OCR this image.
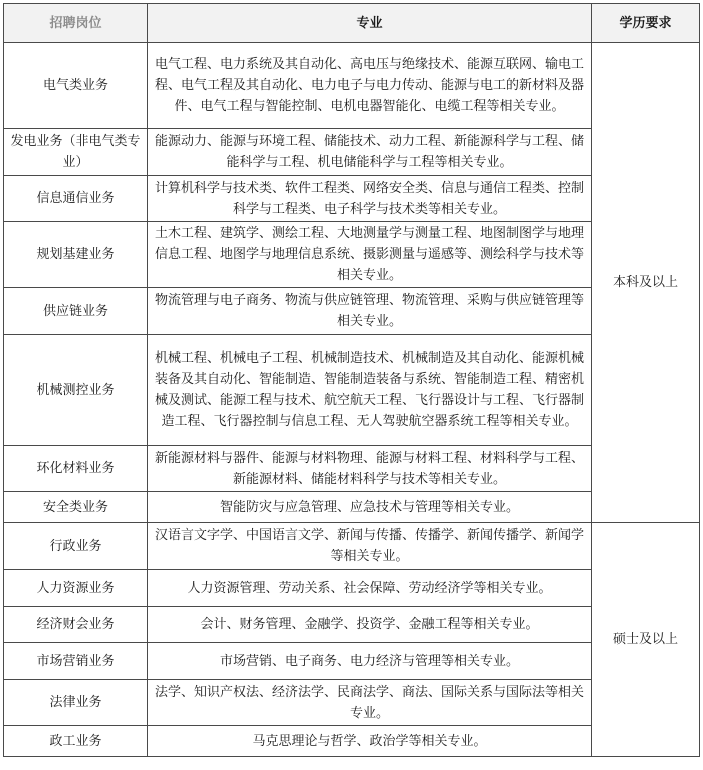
招聘岗位	专业	学历要求
电气类业务	电气工程、电力系统及其自动化、高电压与绝缘技术、能源互联网、输电工程、电气工程及其自动化、电力电子与电力传动、能源与电工的新材料及器件、电气工程与智能控制、电机电器智能化、电缆工程等相关专业。	本科及以上
发电业务（非电气类专业）	能源动力、能源与环境工程、储能技术、动力工程、新能源科学与工程、储能科学与工程、机电储能科学与工程等相关专业。	
信息通信业务	计算机科学与技术类、软件工程类、网络安全类、信息与通信工程类、控制科学与工程类、电子科学与技术类等相关专业。	
规划基建业务	土木工程、建筑学、测绘工程、大地测量学与测量工程、地图制图学与地理信息工程、地图学与地理信息系统、摄影测量与遥感等、测绘科学与技术等相关专业。	
供应链业务	物流管理与电子商务、物流与供应链管理、物流管理、采购与供应链管理等相关专业。	
机械测控业务	机械工程、机械电子工程、机械制造技术、机械制造及其自动化、能源机械装备及其自动化、智能制造、智能制造装备与系统、智能制造工程、精密机械及测试、能源工程与技术、航空航天工程、飞行器设计与工程、飞行器制造工程、飞行器控制与信息工程、无人驾驶航空器系统工程等相关专业。	
环化材料业务	新能源材料与器件、能源与材料物理、能源与材料工程、材料科学与工程、新能源材料、储能材料科学与技术等相关专业。	
安全类业务	智能防灾与应急管理、应急技术与管理等相关专业。	
行政业务	汉语言文字学、中国语言文学、新闻与传播、传播学、新闻传播学、新闻学等相关专业。	硕士及以上
人力资源业务	人力资源管理、劳动关系、社会保障、劳动经济学等相关专业。	
经济财会业务	会计、财务管理、金融学、投资学、金融工程等相关专业。	
市场营销业务	市场营销、电子商务、电力经济与管理等相关专业。	
法律业务	法学、知识产权法、经济法学、民商法学、商法、国际关系与国际法等相关专业。	
政工业务	马克思理论与哲学、政治学等相关专业。	
